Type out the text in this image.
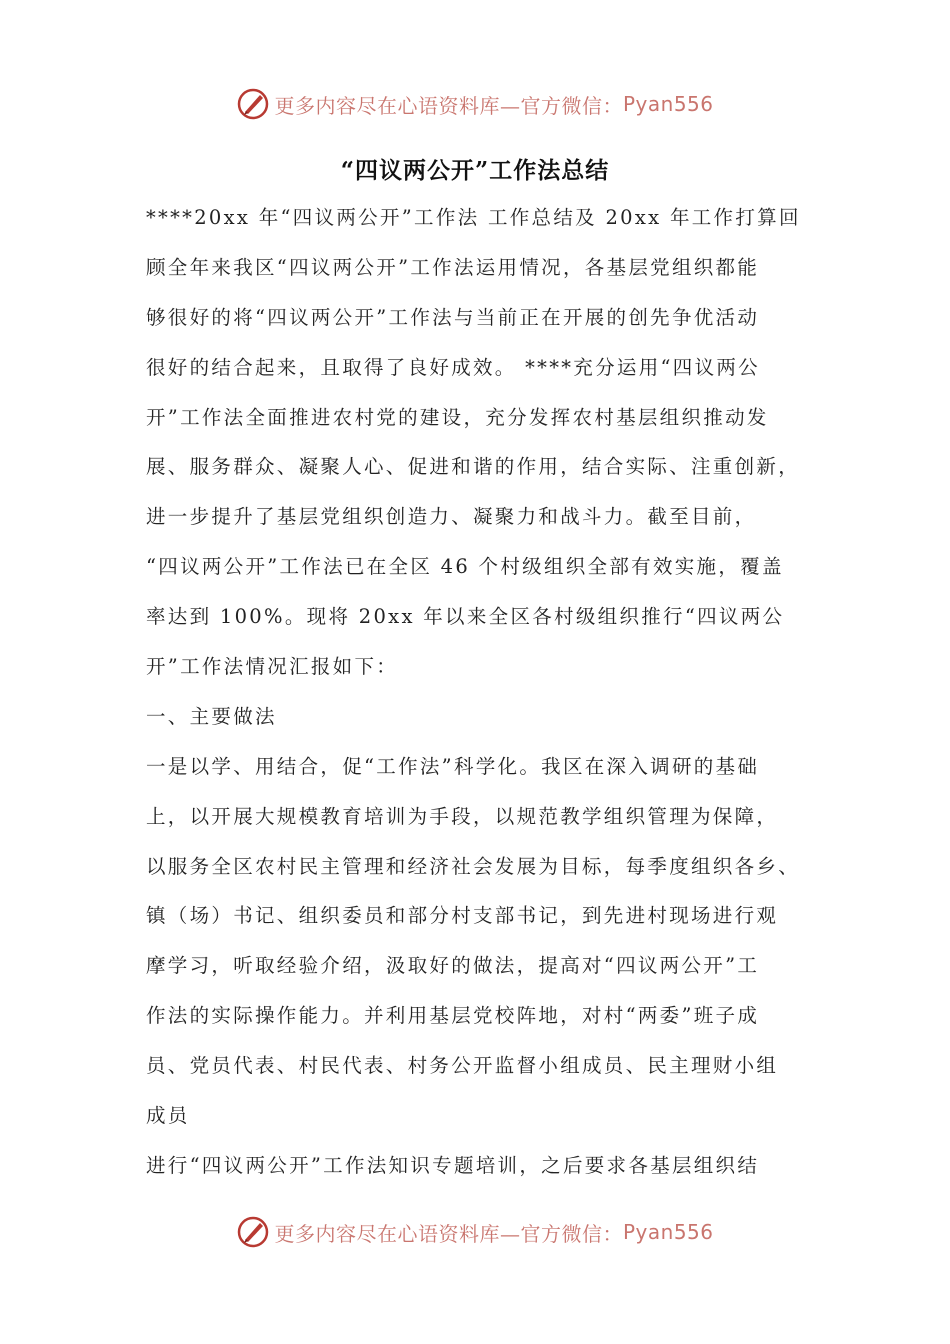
更多内容尽在心语资料库—官方微信： Pyan556
“四议两公开”工作法总结
****20xx 年“四议两公开”工作法 工作总结及 20xx 年工作打算回
顾全年来我区“四议两公开”工作法运用情况，各基层党组织都能
够很好的将“四议两公开”工作法与当前正在开展的创先争优活动
很好的结合起来，且取得了良好成效。 ****充分运用“四议两公
开”工作法全面推进农村党的建设，充分发挥农村基层组织推动发
展、服务群众、凝聚人心、促进和谐的作用，结合实际、注重创新，
进一步提升了基层党组织创造力、凝聚力和战斗力。截至目前，
“四议两公开”工作法已在全区 46 个村级组织全部有效实施，覆盖
率达到 100%。现将 20xx 年以来全区各村级组织推行“四议两公
开”工作法情况汇报如下：
一、主要做法
一是以学、用结合，促“工作法”科学化。我区在深入调研的基础
上，以开展大规模教育培训为手段，以规范教学组织管理为保障，
以服务全区农村民主管理和经济社会发展为目标，每季度组织各乡、
镇（场）书记、组织委员和部分村支部书记，到先进村现场进行观
摩学习，听取经验介绍，汲取好的做法，提高对“四议两公开”工
作法的实际操作能力。并利用基层党校阵地，对村“两委”班子成
员、党员代表、村民代表、村务公开监督小组成员、民主理财小组
成员
进行“四议两公开”工作法知识专题培训，之后要求各基层组织结
更多内容尽在心语资料库—官方微信： Pyan556
